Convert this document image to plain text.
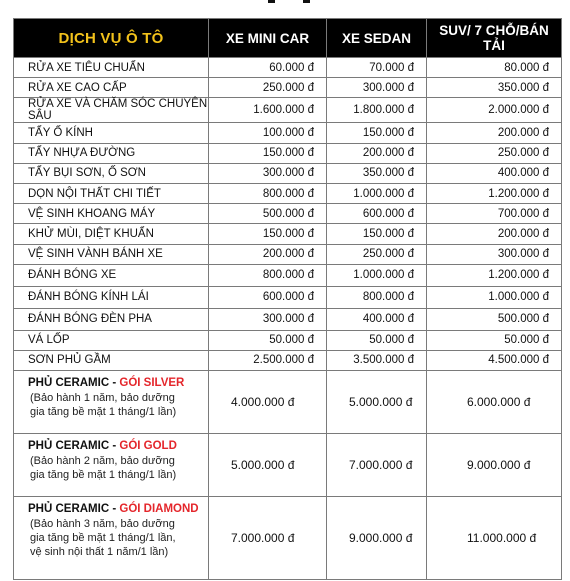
DỊCH VỤ Ô TÔ	XE MINI CAR	XE SEDAN	SUV/ 7 CHỖ/BÁN TẢI
RỬA XE TIÊU CHUẨN	60.000 đ	70.000 đ	80.000 đ
RỬA XE CAO CẤP	250.000 đ	300.000 đ	350.000 đ
RỬA XE VÀ CHĂM SÓC CHUYÊN SÂU	1.600.000 đ	1.800.000 đ	2.000.000 đ
TẨY Ố KÍNH	100.000 đ	150.000 đ	200.000 đ
TẨY NHỰA ĐƯỜNG	150.000 đ	200.000 đ	250.000 đ
TẨY BỤI SƠN, Ố SƠN	300.000 đ	350.000 đ	400.000 đ
DỌN NỘI THẤT CHI TIẾT	800.000 đ	1.000.000 đ	1.200.000 đ
VỆ SINH KHOANG MÁY	500.000 đ	600.000 đ	700.000 đ
KHỬ MÙI, DIỆT KHUẨN	150.000 đ	150.000 đ	200.000 đ
VỆ SINH VÀNH BÁNH XE	200.000 đ	250.000 đ	300.000 đ
ĐÁNH BÓNG XE	800.000 đ	1.000.000 đ	1.200.000 đ
ĐÁNH BÓNG KÍNH LÁI	600.000 đ	800.000 đ	1.000.000 đ
ĐÁNH BÓNG ĐÈN PHA	300.000 đ	400.000 đ	500.000 đ
VÁ LỐP	50.000 đ	50.000 đ	50.000 đ
SƠN PHỦ GẦM	2.500.000 đ	3.500.000 đ	4.500.000 đ

PHỦ CERAMIC - GÓI SILVER
(Bảo hành 1 năm, bảo dưỡng
gia tăng bề mặt 1 tháng/1 lần)	4.000.000 đ	5.000.000 đ	6.000.000 đ

PHỦ CERAMIC - GÓI GOLD
(Bảo hành 2 năm, bảo dưỡng
gia tăng bề mặt 1 tháng/1 lần)	5.000.000 đ	7.000.000 đ	9.000.000 đ

PHỦ CERAMIC - GÓI DIAMOND
(Bảo hành 3 năm, bảo dưỡng
gia tăng bề mặt 1 tháng/1 lần,
vệ sinh nội thất 1 năm/1 lần)	7.000.000 đ	9.000.000 đ	11.000.000 đ
